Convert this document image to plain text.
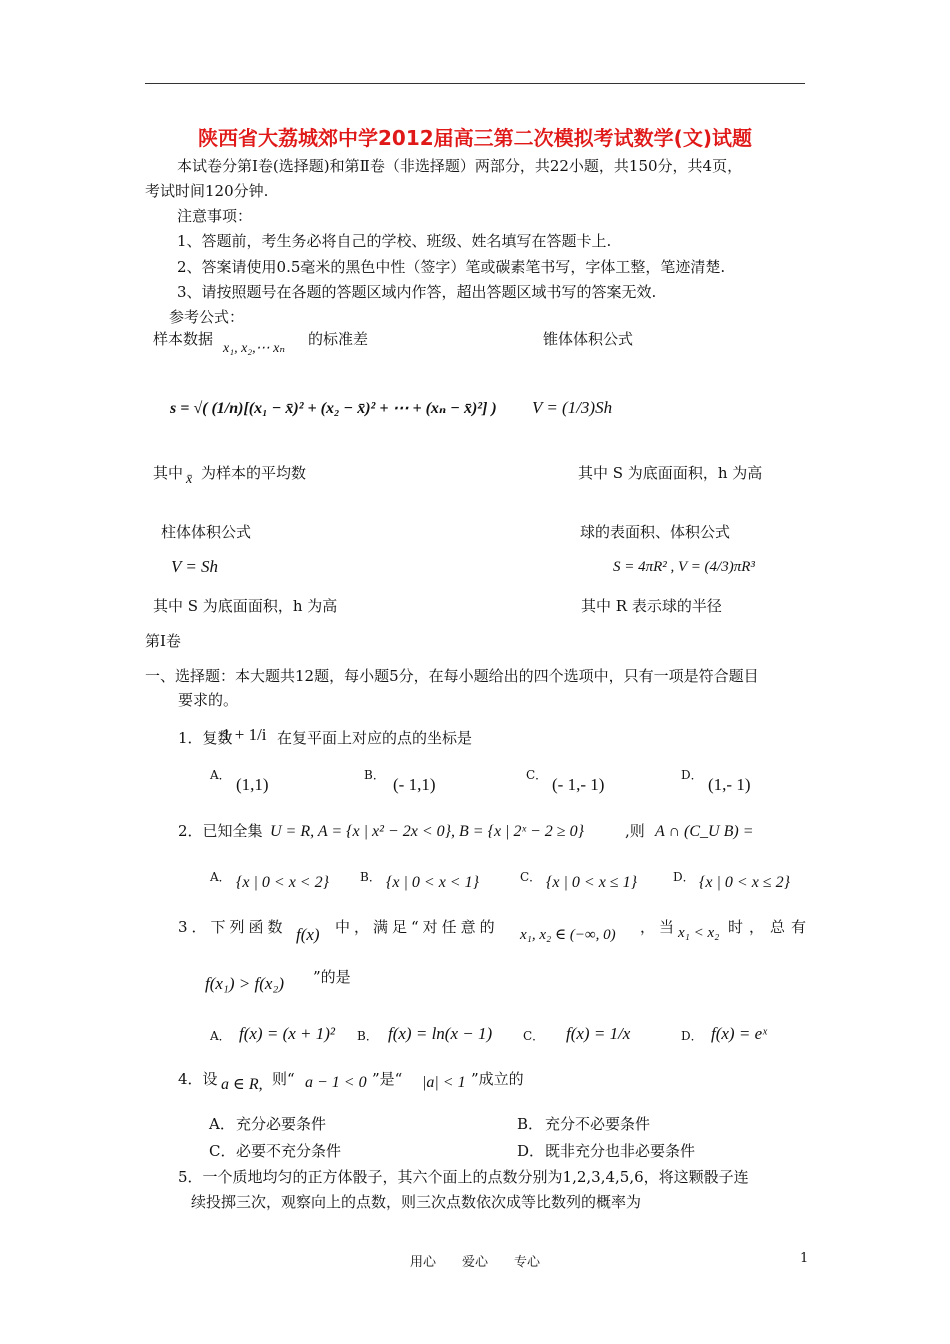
陕西省大荔城郊中学2012届高三第二次模拟考试数学(文)试题
本试卷分第Ⅰ卷(选择题)和第Ⅱ卷（非选择题）两部分，共22小题，共150分，共4页，
考试时间120分钟.
注意事项：
1、答题前，考生务必将自己的学校、班级、姓名填写在答题卡上.
2、答案请使用0.5毫米的黑色中性（签字）笔或碳素笔书写，字体工整，笔迹清楚.
3、请按照题号在各题的答题区域内作答，超出答题区域书写的答案无效.
参考公式：
样本数据
x₁, x₂,⋯ xₙ
的标准差	锥体体积公式
s = √( (1/n)[(x₁ − x̄)² + (x₂ − x̄)² + ⋯ + (xₙ − x̄)²] ) V = (1/3)Sh
其中 x̄ 为样本的平均数	其中 S 为底面面积，h 为高
柱体体积公式	球的表面积、体积公式
V = Sh	S = 4πR² , V = (4/3)πR³
其中 S 为底面面积，h 为高	其中 R 表示球的半径
第Ⅰ卷
一、选择题：本大题共12题，每小题5分，在每小题给出的四个选项中，只有一项是符合题目
要求的。
1．复数
1 + 1/i 在复平面上对应的点的坐标是
A． (1,1)	B． (- 1,1)	C． (- 1,- 1)	D． (1,- 1)
2．已知全集 U = R, A = {x | x² − 2x < 0}, B = {x | 2ˣ − 2 ≥ 0}	,则 A ∩ (C_U B) =
A． {x | 0 < x < 2}	B． {x | 0 < x < 1}	C． {x | 0 < x ≤ 1}	D． {x | 0 < x ≤ 2}
3．下列函数 f(x) 中，满足“对任意的 x₁, x₂ ∈ (−∞, 0) ，当 x₁ < x₂ 时，总有
f(x₁) > f(x₂) ”的是
A． f(x) = (x + 1)² B． f(x) = ln(x − 1)	C． f(x) = 1/x	D． f(x) = eˣ
4．设 a ∈ R, 则“ a − 1 < 0 ”是“ |a| < 1 ”成立的
A． 充分必要条件	B． 充分不必要条件
C． 必要不充分条件	D． 既非充分也非必要条件
5．一个质地均匀的正方体骰子，其六个面上的点数分别为1,2,3,4,5,6，将这颗骰子连
续投掷三次，观察向上的点数，则三次点数依次成等比数列的概率为
用心　　爱心　　专心	1
